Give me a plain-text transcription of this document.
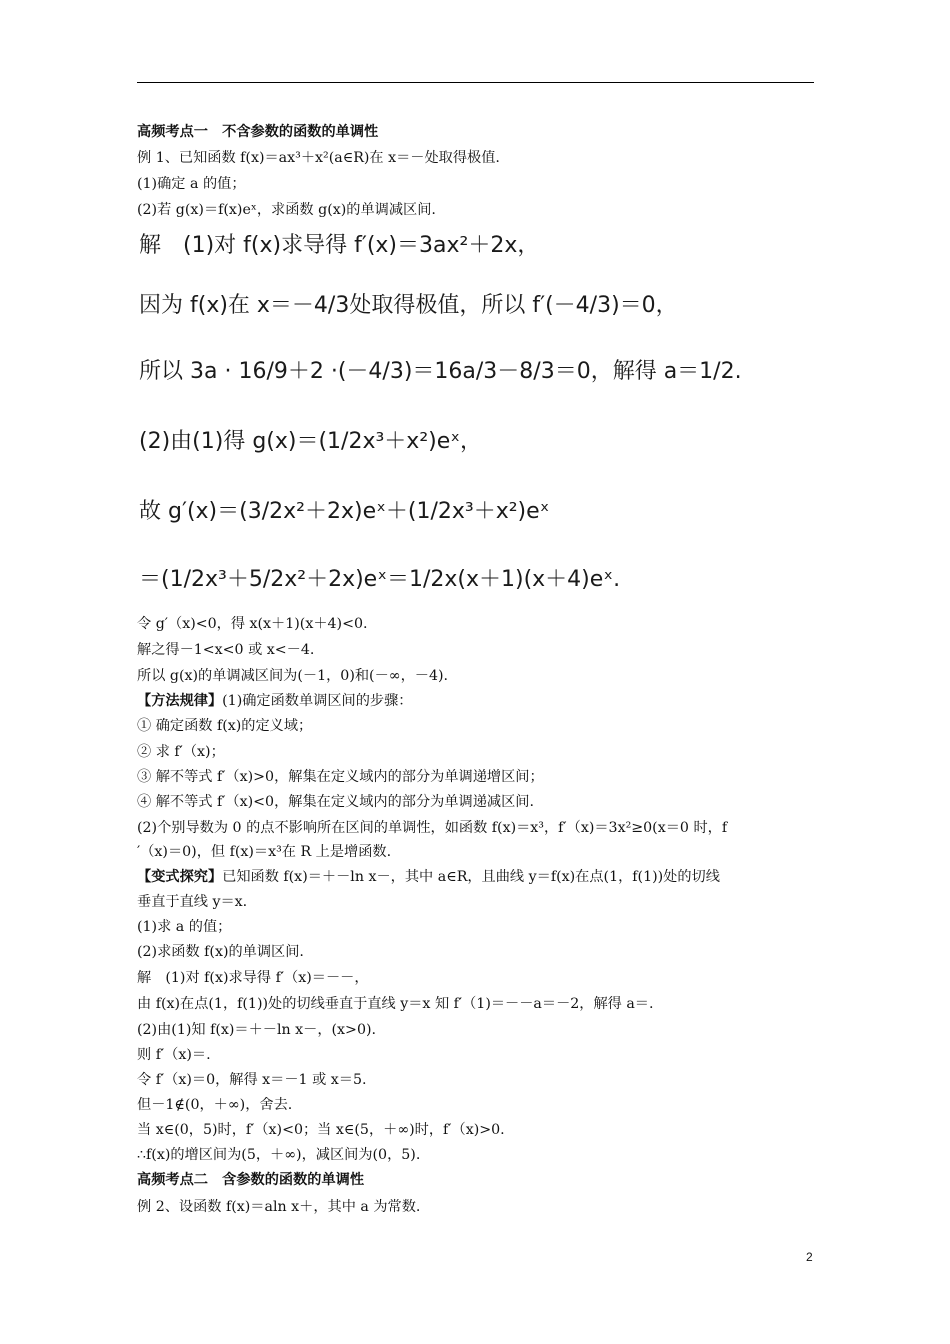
高频考点一　不含参数的函数的单调性
例 1、已知函数 f(x)＝ax³＋x²(a∈R)在 x＝－处取得极值.
(1)确定 a 的值；
(2)若 g(x)＝f(x)eˣ，求函数 g(x)的单调减区间.
解　(1)对 f(x)求导得 f′(x)＝3ax²＋2x，
因为 f(x)在 x＝－4/3处取得极值，所以 f′(－4/3)＝0，
所以 3a · 16/9＋2 ·(－4/3)＝16a/3－8/3＝0，解得 a＝1/2.
(2)由(1)得 g(x)＝(1/2x³＋x²)eˣ，
故 g′(x)＝(3/2x²＋2x)eˣ＋(1/2x³＋x²)eˣ
＝(1/2x³＋5/2x²＋2x)eˣ＝1/2x(x＋1)(x＋4)eˣ.
令 g′（x)<0，得 x(x＋1)(x＋4)<0.
解之得－1<x<0 或 x<－4.
所以 g(x)的单调减区间为(－1，0)和(－∞，－4).
【方法规律】(1)确定函数单调区间的步骤：
① 确定函数 f(x)的定义域；
② 求 f′（x)；
③ 解不等式 f′（x)>0，解集在定义域内的部分为单调递增区间；
④ 解不等式 f′（x)<0，解集在定义域内的部分为单调递减区间.
(2)个别导数为 0 的点不影响所在区间的单调性，如函数 f(x)＝x³，f′（x)＝3x²≥0(x＝0 时，f
′（x)＝0)，但 f(x)＝x³在 R 上是增函数.
【变式探究】已知函数 f(x)＝＋－ln x－，其中 a∈R，且曲线 y＝f(x)在点(1，f(1))处的切线
垂直于直线 y＝x.
(1)求 a 的值；
(2)求函数 f(x)的单调区间.
解　(1)对 f(x)求导得 f′（x)＝－－，
由 f(x)在点(1，f(1))处的切线垂直于直线 y＝x 知 f′（1)＝－－a＝－2，解得 a＝.
(2)由(1)知 f(x)＝＋－ln x－，(x>0).
则 f′（x)＝.
令 f′（x)＝0，解得 x＝－1 或 x＝5.
但－1∉(0，＋∞)，舍去.
当 x∈(0，5)时，f′（x)<0；当 x∈(5，＋∞)时，f′（x)>0.
∴f(x)的增区间为(5，＋∞)，减区间为(0，5).
高频考点二　含参数的函数的单调性
例 2、设函数 f(x)＝aln x＋，其中 a 为常数.
2
